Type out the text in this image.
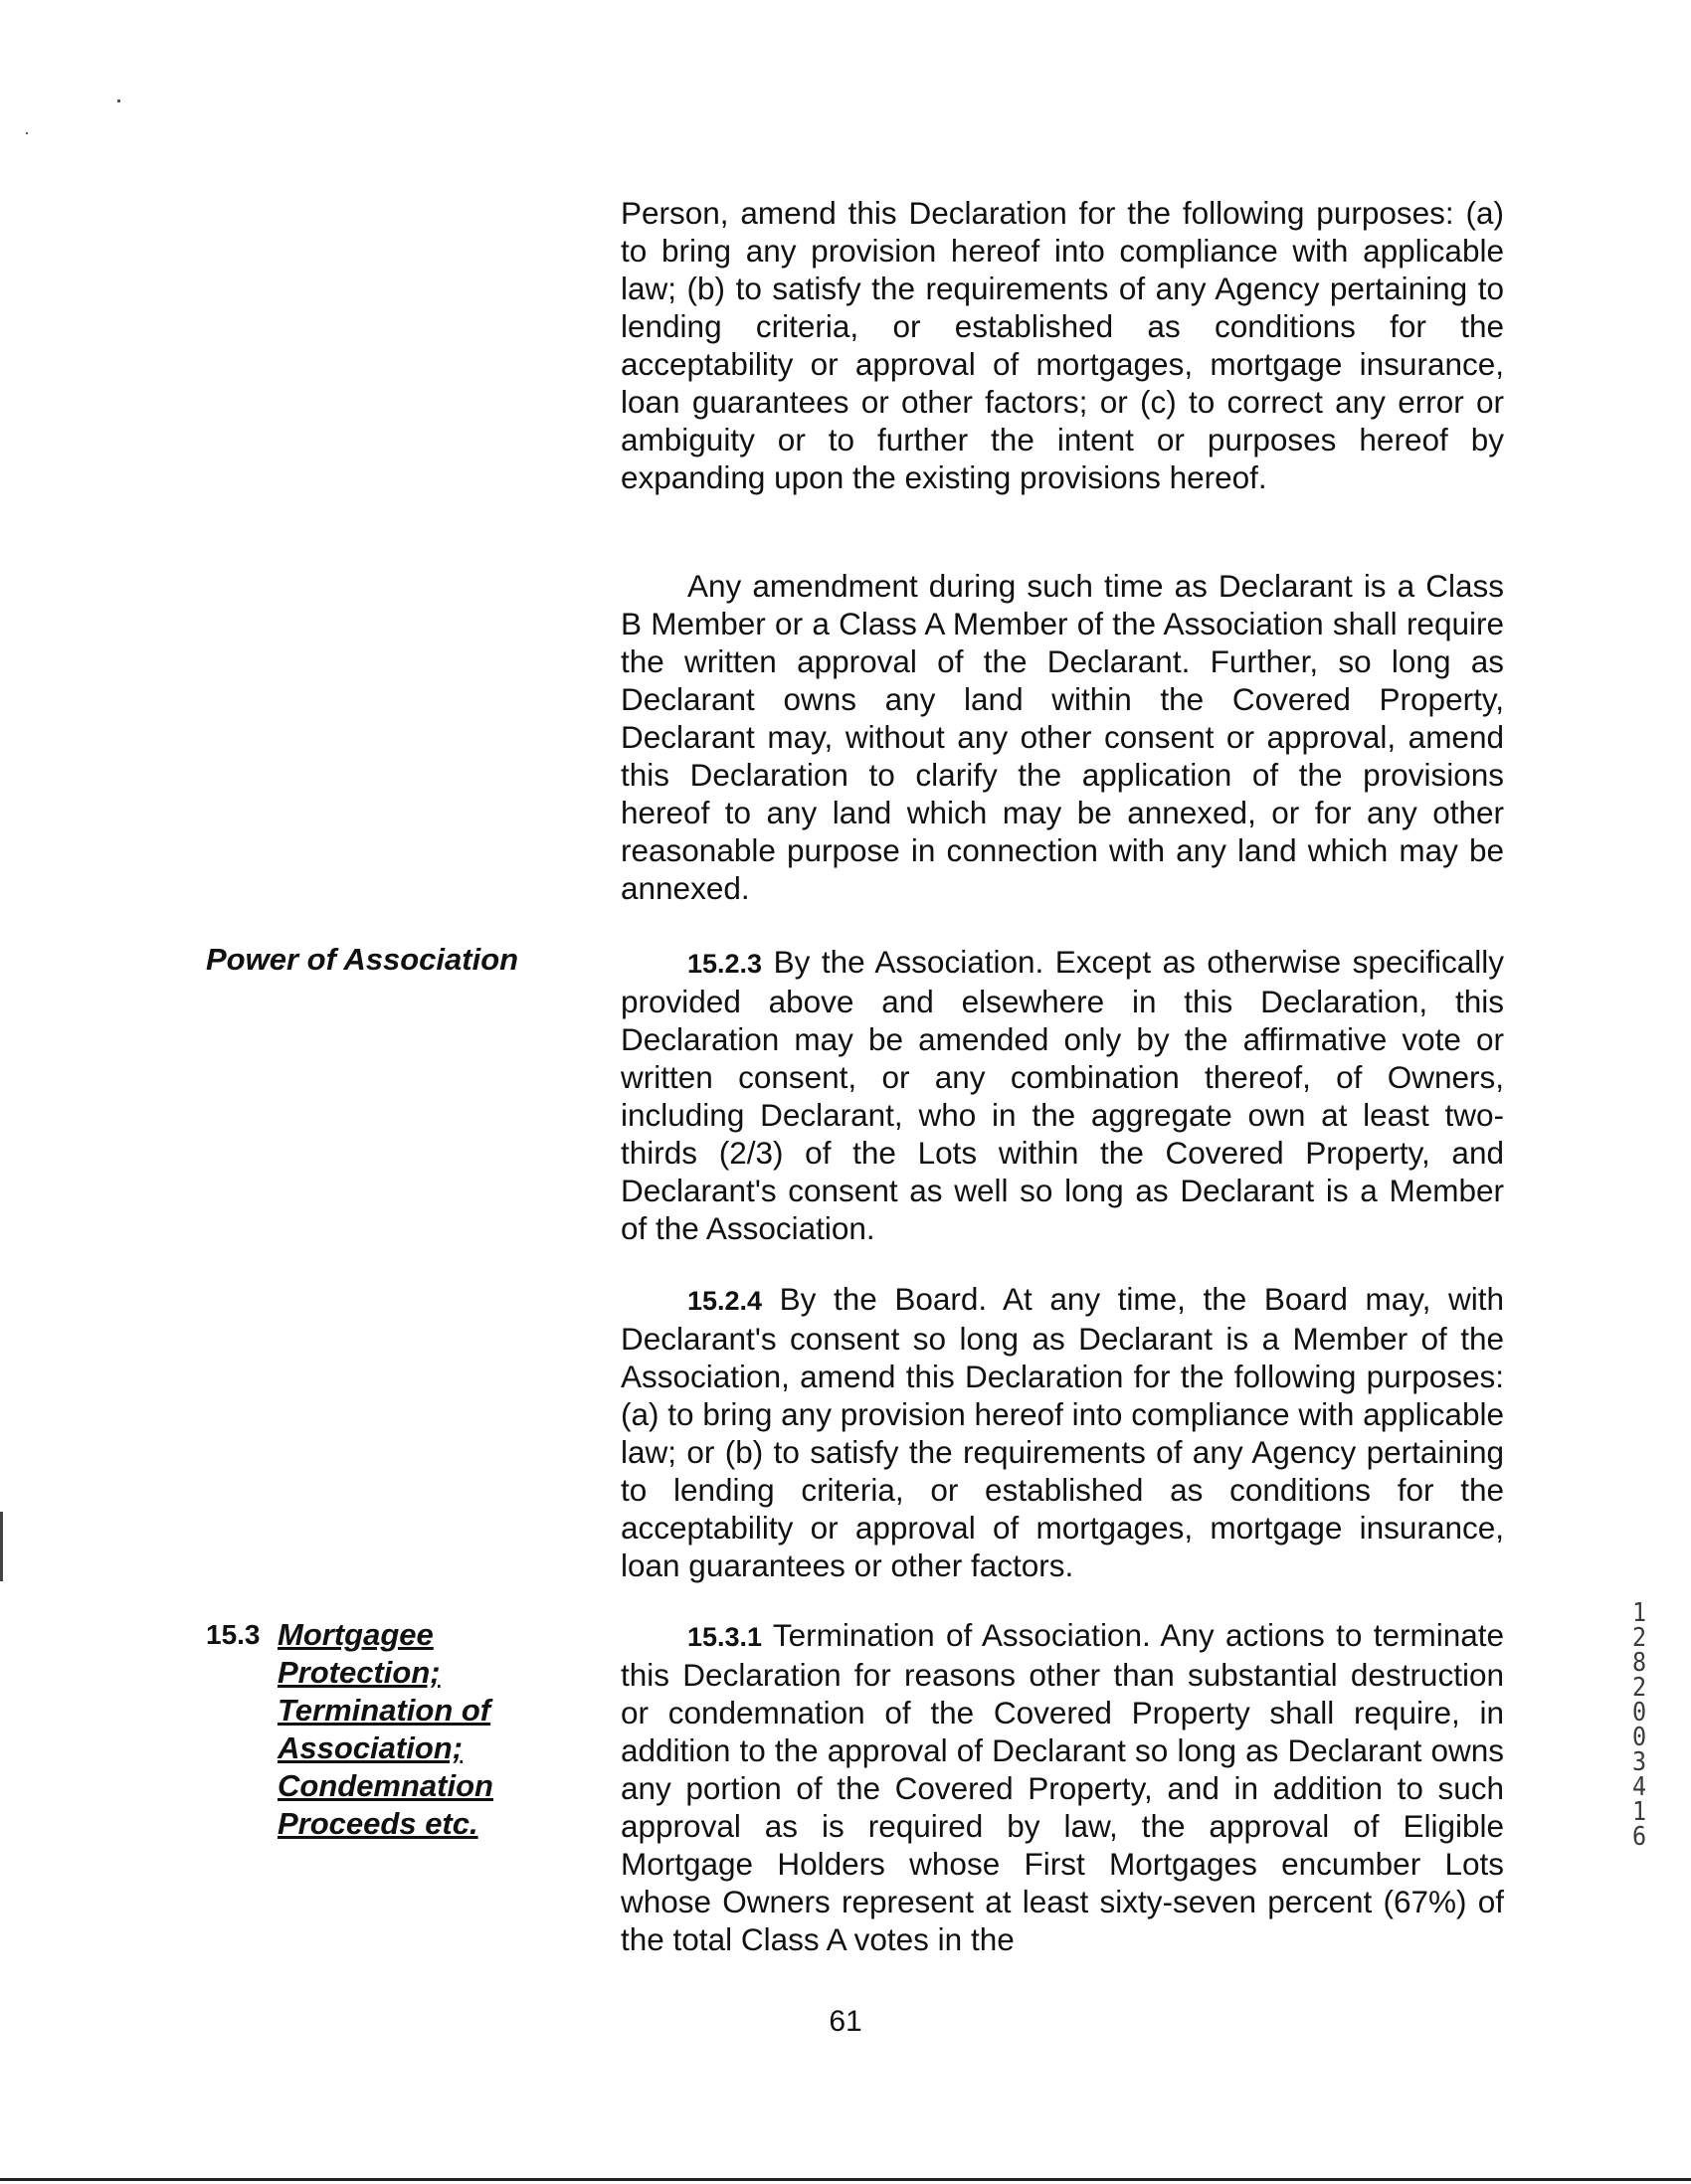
Person, amend this Declaration for the following purposes: (a) to bring any provision hereof into compliance with applicable law; (b) to satisfy the requirements of any Agency pertaining to lending criteria, or established as conditions for the acceptability or approval of mortgages, mortgage insurance, loan guarantees or other factors; or (c) to correct any error or ambiguity or to further the intent or purposes hereof by expanding upon the existing provisions hereof.

Any amendment during such time as Declarant is a Class B Member or a Class A Member of the Association shall require the written approval of the Declarant. Further, so long as Declarant owns any land within the Covered Property, Declarant may, without any other consent or approval, amend this Declaration to clarify the application of the provisions hereof to any land which may be annexed, or for any other reasonable purpose in connection with any land which may be annexed.

Power of Association	15.2.3 By the Association. Except as otherwise specifically provided above and elsewhere in this Declaration, this Declaration may be amended only by the affirmative vote or written consent, or any combination thereof, of Owners, including Declarant, who in the aggregate own at least two-thirds (2/3) of the Lots within the Covered Property, and Declarant's consent as well so long as Declarant is a Member of the Association.

15.2.4 By the Board. At any time, the Board may, with Declarant's consent so long as Declarant is a Member of the Association, amend this Declaration for the following purposes: (a) to bring any provision hereof into compliance with applicable law; or (b) to satisfy the requirements of any Agency pertaining to lending criteria, or established as conditions for the acceptability or approval of mortgages, mortgage insurance, loan guarantees or other factors.

15.3 Mortgagee Protection; Termination of Association; Condemnation Proceeds etc.

15.3.1 Termination of Association. Any actions to terminate this Declaration for reasons other than substantial destruction or condemnation of the Covered Property shall require, in addition to the approval of Declarant so long as Declarant owns any portion of the Covered Property, and in addition to such approval as is required by law, the approval of Eligible Mortgage Holders whose First Mortgages encumber Lots whose Owners represent at least sixty-seven percent (67%) of the total Class A votes in the

61

1 2 8 2 0 0 3 4 1 6
